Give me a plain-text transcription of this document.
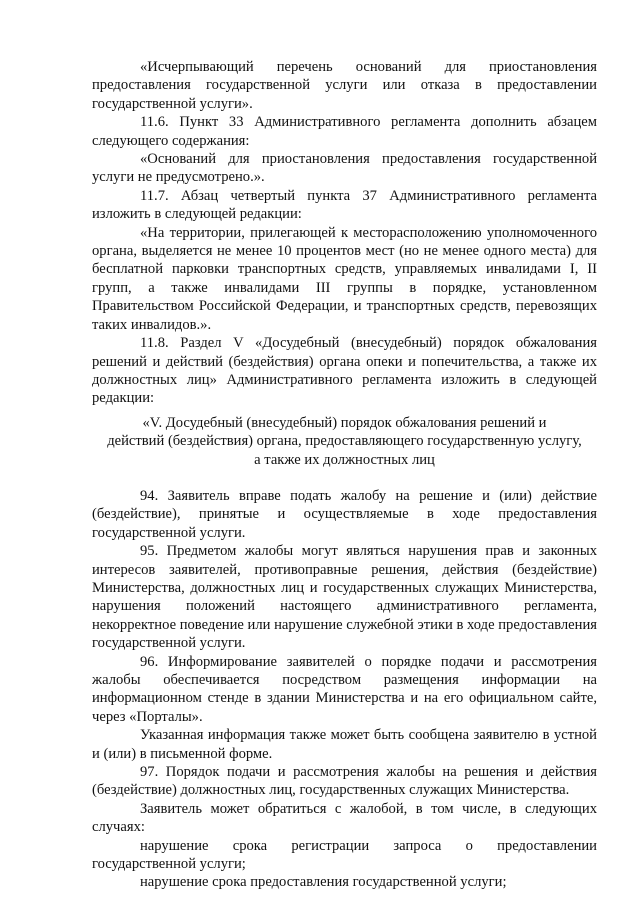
«Исчерпывающий перечень оснований для приостановления предоставления государственной услуги или отказа в предоставлении государственной услуги».

11.6. Пункт 33 Административного регламента дополнить абзацем следующего содержания:

«Оснований для приостановления предоставления государственной услуги не предусмотрено.».

11.7. Абзац четвертый пункта 37 Административного регламента изложить в следующей редакции:

«На территории, прилегающей к месторасположению уполномоченного органа, выделяется не менее 10 процентов мест (но не менее одного места) для бесплатной парковки транспортных средств, управляемых инвалидами I, II групп, а также инвалидами III группы в порядке, установленном Правительством Российской Федерации, и транспортных средств, перевозящих таких инвалидов.».

11.8. Раздел V «Досудебный (внесудебный) порядок обжалования решений и действий (бездействия) органа опеки и попечительства, а также их должностных лиц» Административного регламента изложить в следующей редакции:

«V. Досудебный (внесудебный) порядок обжалования решений и
действий (бездействия) органа, предоставляющего государственную услугу,
а также их должностных лиц

94. Заявитель вправе подать жалобу на решение и (или) действие (бездействие), принятые и осуществляемые в ходе предоставления государственной услуги.

95. Предметом жалобы могут являться нарушения прав и законных интересов заявителей, противоправные решения, действия (бездействие) Министерства, должностных лиц и государственных служащих Министерства, нарушения положений настоящего административного регламента, некорректное поведение или нарушение служебной этики в ходе предоставления государственной услуги.

96. Информирование заявителей о порядке подачи и рассмотрения жалобы обеспечивается посредством размещения информации на информационном стенде в здании Министерства и на его официальном сайте, через «Порталы».

Указанная информация также может быть сообщена заявителю в устной и (или) в письменной форме.

97. Порядок подачи и рассмотрения жалобы на решения и действия (бездействие) должностных лиц, государственных служащих Министерства.

Заявитель может обратиться с жалобой, в том числе, в следующих случаях:

нарушение срока регистрации запроса о предоставлении государственной услуги;

нарушение срока предоставления государственной услуги;
